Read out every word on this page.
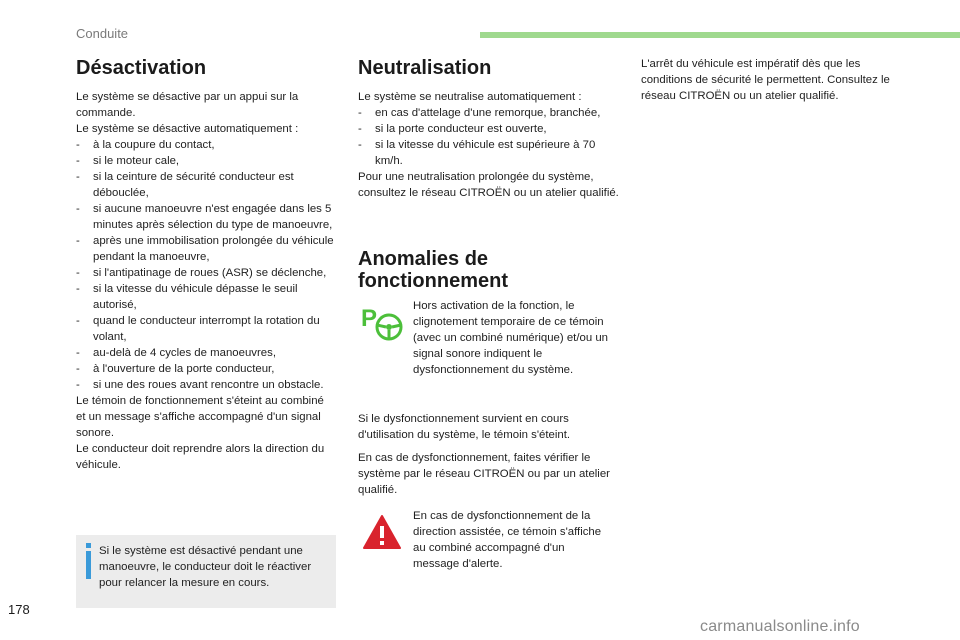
Conduite
Désactivation

Le système se désactive par un appui sur la commande.

Le système se désactive automatiquement :

- à la coupure du contact,
- si le moteur cale,
- si la ceinture de sécurité conducteur est débouclée,
- si aucune manoeuvre n'est engagée dans les 5 minutes après sélection du type de manoeuvre,
- après une immobilisation prolongée du véhicule pendant la manoeuvre,
- si l'antipatinage de roues (ASR) se déclenche,
- si la vitesse du véhicule dépasse le seuil autorisé,
- quand le conducteur interrompt la rotation du volant,
- au-delà de 4 cycles de manoeuvres,
- à l'ouverture de la porte conducteur,
- si une des roues avant rencontre un obstacle.

Le témoin de fonctionnement s'éteint au combiné et un message s'affiche accompagné d'un signal sonore.

Le conducteur doit reprendre alors la direction du véhicule.

Si le système est désactivé pendant une manoeuvre, le conducteur doit le réactiver pour relancer la mesure en cours.
Neutralisation

Le système se neutralise automatiquement :

- en cas d'attelage d'une remorque, branchée,
- si la porte conducteur est ouverte,
- si la vitesse du véhicule est supérieure à 70 km/h.

Pour une neutralisation prolongée du système, consultez le réseau CITROËN ou un atelier qualifié.

Anomalies de fonctionnement
P	Hors activation de la fonction, le clignotement temporaire de ce témoin (avec un combiné numérique) et/ou un signal sonore indiquent le dysfonctionnement du système.
Si le dysfonctionnement survient en cours d'utilisation du système, le témoin s'éteint.
En cas de dysfonctionnement, faites vérifier le système par le réseau CITROËN ou par un atelier qualifié.
En cas de dysfonctionnement de la direction assistée, ce témoin s'affiche au combiné accompagné d'un message d'alerte.
L'arrêt du véhicule est impératif dès que les conditions de sécurité le permettent. Consultez le réseau CITROËN ou un atelier qualifié.
178
carmanualsonline.info
